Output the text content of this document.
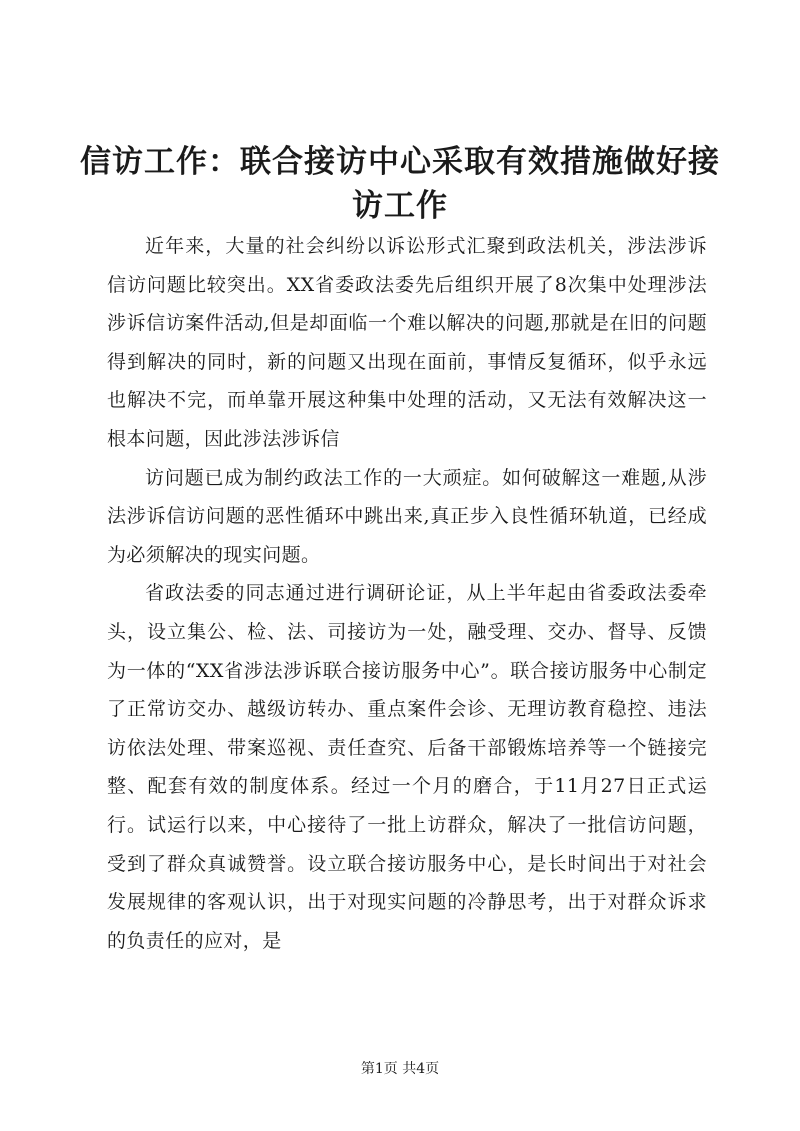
信访工作：联合接访中心采取有效措施做好接访工作

近年来，大量的社会纠纷以诉讼形式汇聚到政法机关，涉法涉诉信访问题比较突出。XX省委政法委先后组织开展了8次集中处理涉法涉诉信访案件活动,但是却面临一个难以解决的问题,那就是在旧的问题得到解决的同时，新的问题又出现在面前，事情反复循环，似乎永远也解决不完，而单靠开展这种集中处理的活动，又无法有效解决这一根本问题，因此涉法涉诉信

访问题已成为制约政法工作的一大顽症。如何破解这一难题,从涉法涉诉信访问题的恶性循环中跳出来,真正步入良性循环轨道，已经成为必须解决的现实问题。

省政法委的同志通过进行调研论证，从上半年起由省委政法委牵头，设立集公、检、法、司接访为一处，融受理、交办、督导、反馈为一体的“XX省涉法涉诉联合接访服务中心”。联合接访服务中心制定了正常访交办、越级访转办、重点案件会诊、无理访教育稳控、违法访依法处理、带案巡视、责任查究、后备干部锻炼培养等一个链接完整、配套有效的制度体系。经过一个月的磨合，于11月27日正式运行。试运行以来，中心接待了一批上访群众，解决了一批信访问题，受到了群众真诚赞誉。设立联合接访服务中心，是长时间出于对社会发展规律的客观认识，出于对现实问题的冷静思考，出于对群众诉求的负责任的应对，是

第1页 共4页
